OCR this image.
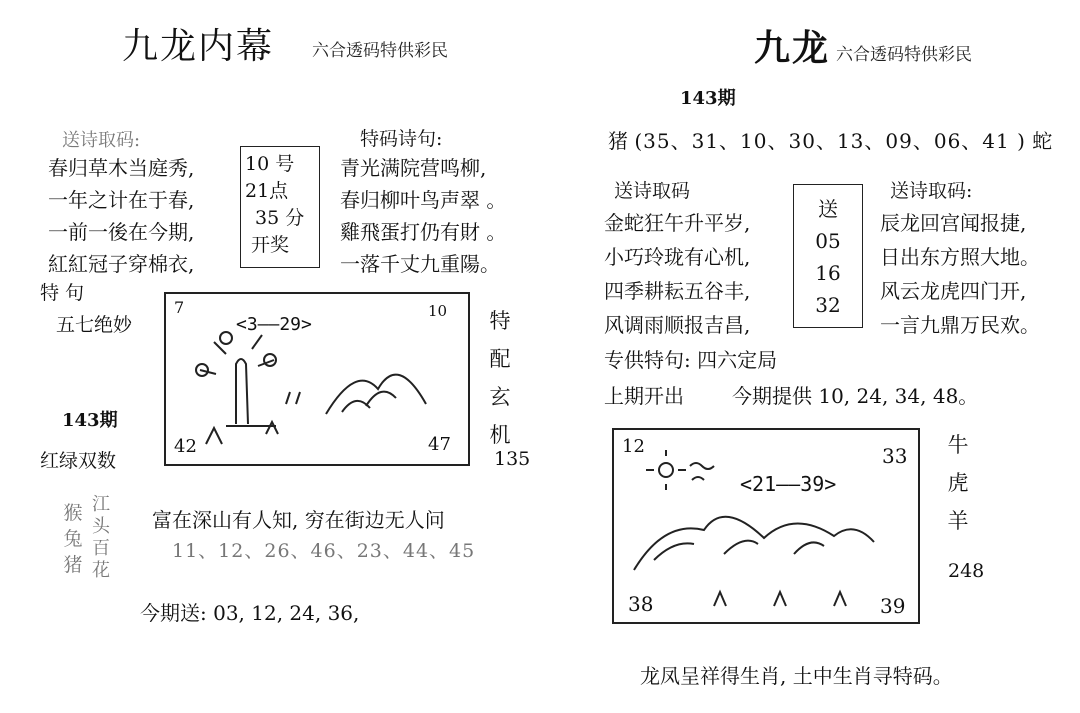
九龙内幕 六合透码特供彩民
送诗取码:	特码诗句:
春归草木当庭秀,
一年之计在于春,
一前一後在今期,
紅紅冠子穿棉衣,
10 号
21点
35 分
开奖
青光满院营鸣柳,
春归柳叶鸟声翠 。
雞飛蛋打仍有財 。
一落千丈九重陽。
特 句
五七绝妙
143期
红绿双数
7
<3——29>
10
42	47
特
配
玄
机
135
猴
兔
猪
江
头
百
花
富在深山有人知, 穷在街边无人问
11、12、26、46、23、44、45
今期送: 03, 12, 24, 36,
九龙 六合透码特供彩民
143期
猪 (35、31、10、30、13、09、06、41 ) 蛇
送诗取码	送诗取码:
金蛇狂午升平岁,
小巧玲珑有心机,
四季耕耘五谷丰,
风调雨顺报吉昌,
送
05
16
32
辰龙回宫闻报捷,
日出东方照大地。
风云龙虎四门开,
一言九鼎万民欢。
专供特句: 四六定局
上期开出 今期提供 10, 24, 34, 48。
12
<21——39>
33
38	39
牛
虎
羊
248
龙凤呈祥得生肖, 土中生肖寻特码。
